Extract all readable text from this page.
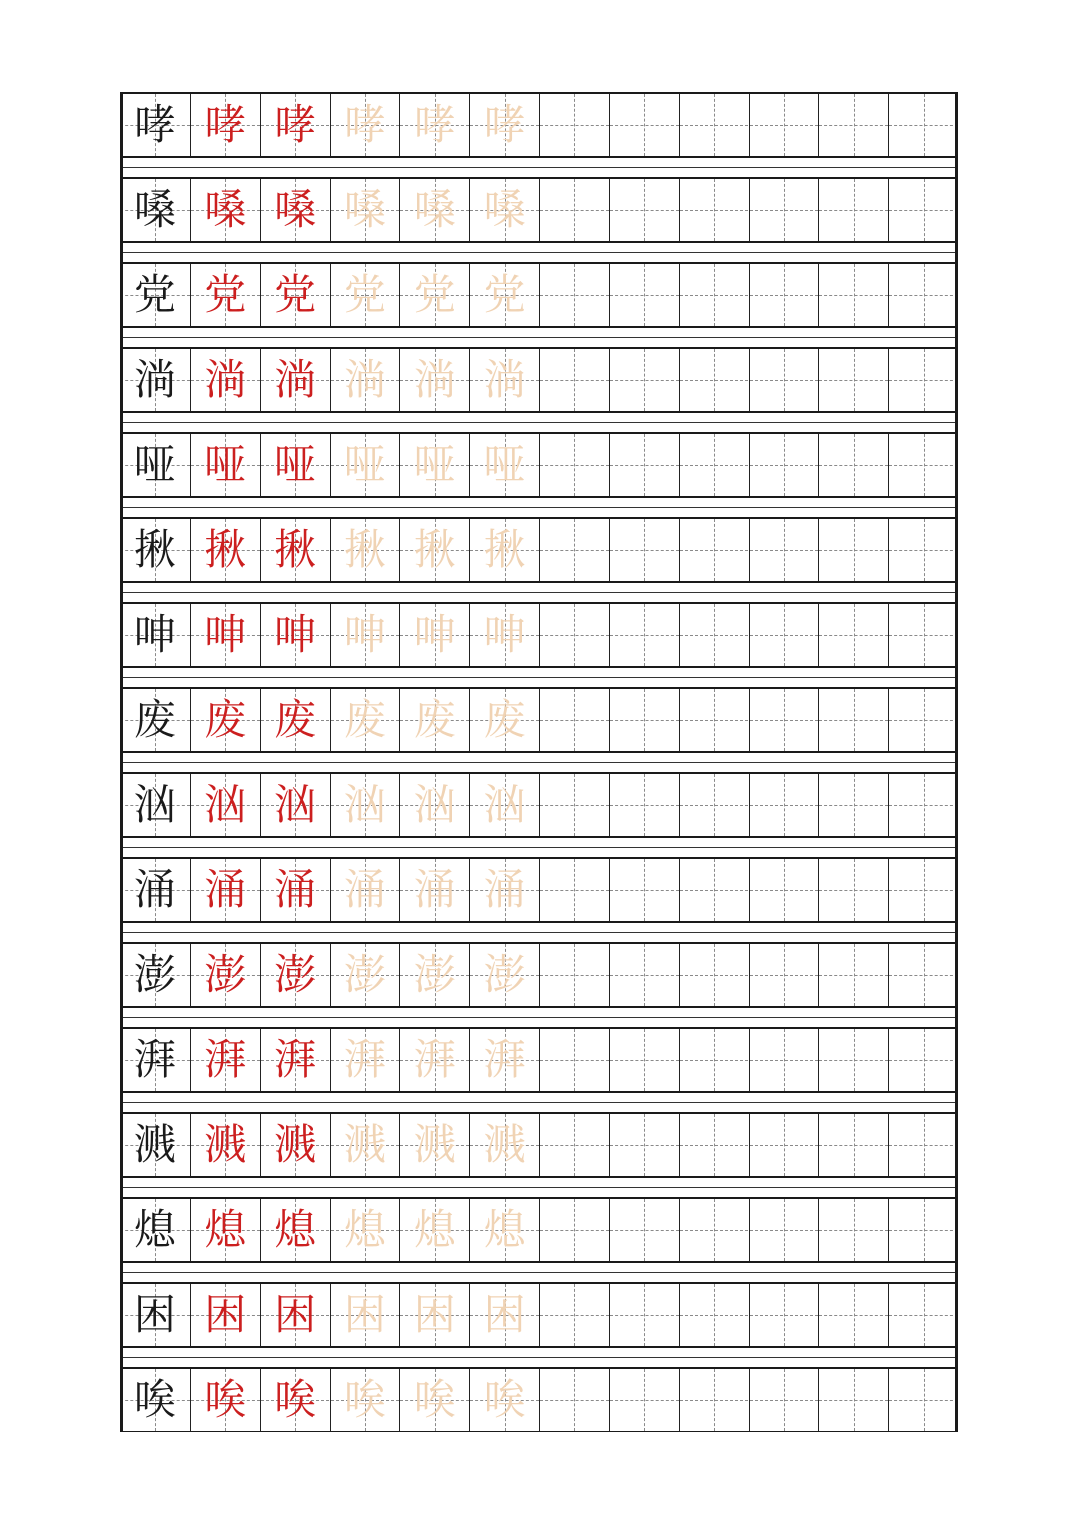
哮 哮 哮 哮 哮 哮
嗓 嗓 嗓 嗓 嗓 嗓
党 党 党 党 党 党
淌 淌 淌 淌 淌 淌
哑 哑 哑 哑 哑 哑
揪 揪 揪 揪 揪 揪
呻 呻 呻 呻 呻 呻
废 废 废 废 废 废
汹 汹 汹 汹 汹 汹
涌 涌 涌 涌 涌 涌
澎 澎 澎 澎 澎 澎
湃 湃 湃 湃 湃 湃
溅 溅 溅 溅 溅 溅
熄 熄 熄 熄 熄 熄
困 困 困 困 困 困
唉 唉 唉 唉 唉 唉
